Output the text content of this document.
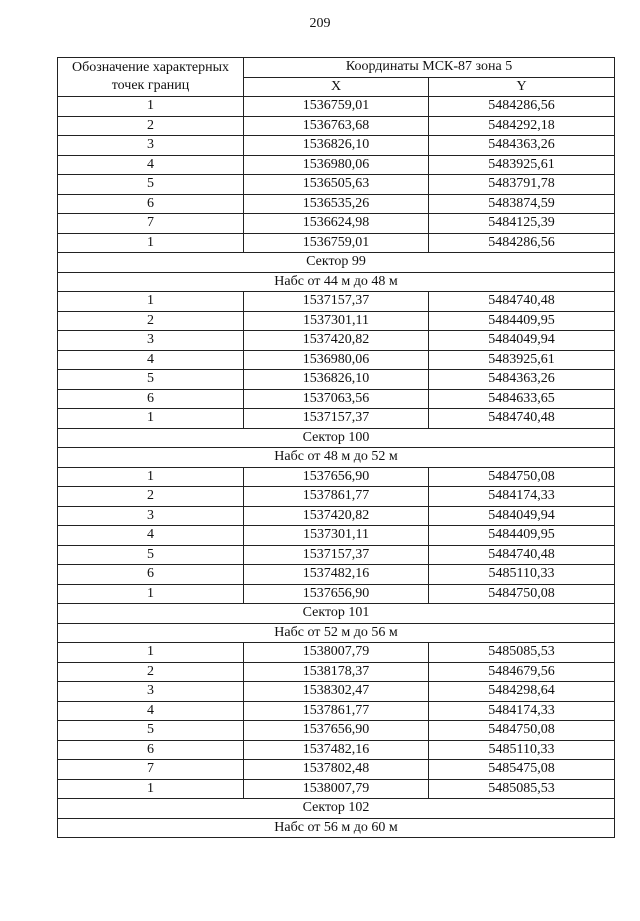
209
Обозначение характерных точек границ	Координаты МСК-87 зона 5	
	X	Y
1	1536759,01	5484286,56
2	1536763,68	5484292,18
3	1536826,10	5484363,26
4	1536980,06	5483925,61
5	1536505,63	5483791,78
6	1536535,26	5483874,59
7	1536624,98	5484125,39
1	1536759,01	5484286,56
Сектор 99		
Набс от 44 м до 48 м		
1	1537157,37	5484740,48
2	1537301,11	5484409,95
3	1537420,82	5484049,94
4	1536980,06	5483925,61
5	1536826,10	5484363,26
6	1537063,56	5484633,65
1	1537157,37	5484740,48
Сектор 100		
Набс от 48 м до 52 м		
1	1537656,90	5484750,08
2	1537861,77	5484174,33
3	1537420,82	5484049,94
4	1537301,11	5484409,95
5	1537157,37	5484740,48
6	1537482,16	5485110,33
1	1537656,90	5484750,08
Сектор 101		
Набс от 52 м до 56 м		
1	1538007,79	5485085,53
2	1538178,37	5484679,56
3	1538302,47	5484298,64
4	1537861,77	5484174,33
5	1537656,90	5484750,08
6	1537482,16	5485110,33
7	1537802,48	5485475,08
1	1538007,79	5485085,53
Сектор 102		
Набс от 56 м до 60 м		
